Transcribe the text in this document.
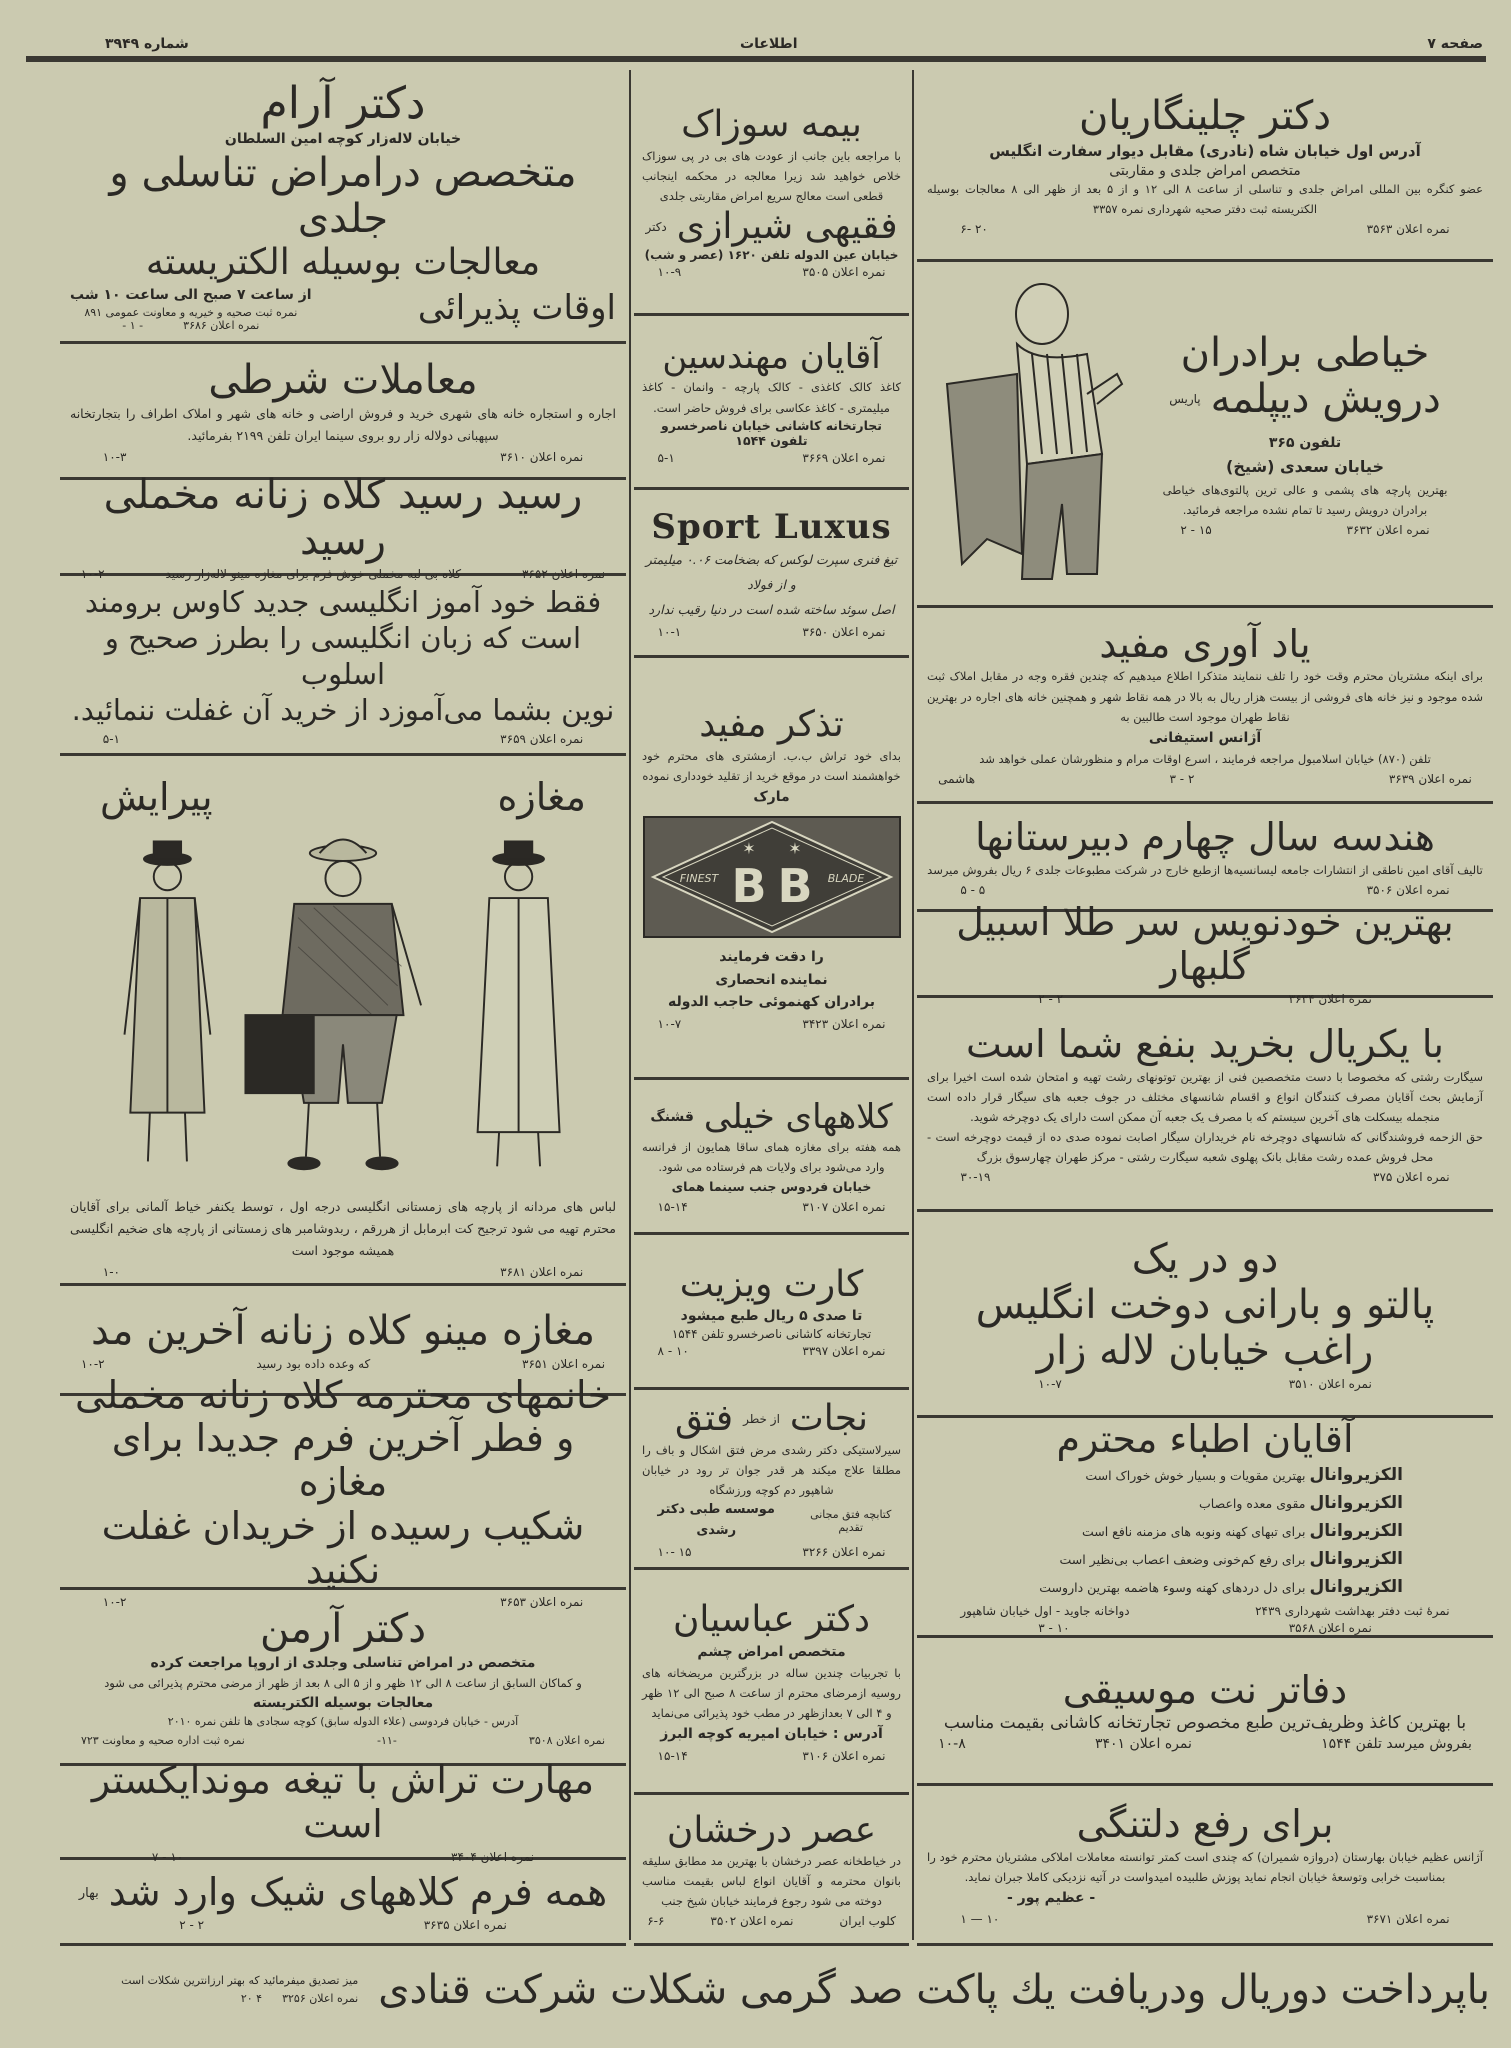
صفحه ۷
اطلاعات
شماره ۳۹۴۹
دکتر آرام
خیابان لاله‌زار کوچه امین السلطان
متخصص درامراض تناسلی و جلدی
معالجات بوسیله الکتریسته
اوقات پذیرائی
از ساعت ۷ صبح الی ساعت ۱۰ شب
نمره ثبت صحیه و خیریه و معاونت عمومی ۸۹۱
نمره اعلان ۳۶۸۶
- ۱ -
معاملات شرطی
اجاره و استجاره خانه های شهری خرید و فروش اراضی و خانه های شهر و املاک اطراف را بتجارتخانه سپهبانی دولاله زار رو بروی سینما ایران تلفن ۲۱۹۹ بفرمائید.
نمره اعلان ۳۶۱۰
۱۰-۳
رسید رسید کلاه زنانه مخملی رسید
نمره اعلان ۳۶۵۲
کلاه بی لبه مخملی خوش فرم برای مغازه مینو لاله‌زار رسید
۱۰-۲
فقط خود آموز انگلیسی جدید کاوس برومند
است که زبان انگلیسی را بطرز صحیح و اسلوب
نوین بشما می‌آموزد از خرید آن غفلت ننمائید.
نمره اعلان ۳۶۵۹
۵-۱
مغازه
پیرایش
لباس های مردانه از پارچه های زمستانی انگلیسی درجه اول ، توسط یکنفر خیاط آلمانی برای آقایان محترم تهیه می شود ترجیح کت ابرمابل از هررقم ، ربدوشامبر های زمستانی از پارچه های ضخیم انگلیسی همیشه موجود است
نمره اعلان ۳۶۸۱
۱-۰
مغازه مینو کلاه زنانه آخرین مد
نمره اعلان ۳۶۵۱
که وعده داده بود رسید
۱۰-۲
خانمهای محترمه کلاه زنانه مخملی
و فطر آخرین فرم جدیدا برای مغازه
شکیب رسیده از خریدان غفلت نکنید
نمره اعلان ۳۶۵۳
۱۰-۲
دکتر آرمن
متخصص در امراض تناسلی وجلدی از اروپا مراجعت کرده
و کماکان السابق از ساعت ۸ الی ۱۲ ظهر و از ۵ الی ۸ بعد از ظهر از مرضی محترم پذیرائی می شود
معالجات بوسیله الکتریسته
آدرس - خیابان فردوسی (علاء الدوله سابق) کوچه سجادی ها تلفن نمره ۲۰۱۰
نمره اعلان ۳۵۰۸
-۱۱-
نمره ثبت اداره صحیه و معاونت ۷۲۳
مهارت تراش با تیغه موندایکستر است
نمره اعلان ۳۴۰۴
۱۰ - ۷
همه فرم کلاههای شیک وارد شد
بهار
نمره اعلان ۳۶۳۵
۲ - ۲
بیمه سوزاک
با مراجعه باین جانب از عودت های بی در پی سوزاک خلاص خواهید شد زیرا معالجه در محکمه اینجانب قطعی است معالج سریع امراض مقاربتی جلدی
فقیهی شیرازی
دکتر
خیابان عین الدوله تلفن ۱۶۲۰ (عصر و شب)
نمره اعلان ۳۵۰۵
۱۰-۹
آقایان مهندسین
کاغذ کالک کاغذی - کالک پارچه - وانمان - کاغذ میلیمتری - کاغذ عکاسی برای فروش حاضر است.
تجارتخانه کاشانی خیابان ناصرخسرو تلفون ۱۵۴۴
نمره اعلان ۳۶۶۹
۵-۱
Sport Luxus
تیغ فنری سپرت لوکس که بضخامت ۰.۰۶ میلیمتر و از فولاد
اصل سوئد ساخته شده است در دنیا رقیب ندارد
نمره اعلان ۳۶۵۰
۱۰-۱
تذکر مفید
بدای خود تراش ب.ب. ازمشتری های محترم خود خواهشمند است در موقع خرید از تقلید خودداری نموده
مارک
✶ ✶
B B
FINEST	BLADE
را دقت فرمایند
نماینده انحصاری
برادران کهنموئی حاجب الدوله
نمره اعلان ۳۴۲۳
۱۰-۷
کلاههای خیلی
قشنگ
همه هفته برای مغازه همای ساقا همایون از فرانسه وارد می‌شود برای ولایات هم فرستاده می شود.
خیابان فردوس جنب سینما همای
نمره اعلان ۳۱۰۷
۱۵-۱۴
کارت ویزیت
تا صدی ۵ ریال طبع میشود
تجارتخانه کاشانی ناصرخسرو تلفن ۱۵۴۴
نمره اعلان ۳۳۹۷
۱۰ - ۸
نجات
از خطر
فتق
سیرلاستیکی دکتر رشدی مرض فتق اشکال و باف را مطلقا علاج میکند هر قدر جوان تر رود در خیابان شاهپور دم کوچه ورزشگاه
کتابچه فتق مجانی تقدیم
موسسه طبی دکتر رشدی
نمره اعلان ۳۲۶۶
۱۵ -۱۰
دکتر عباسیان
متخصص امراض چشم
با تجربیات چندین ساله در بزرگترین مریضخانه های روسیه ازمرضای محترم از ساعت ۸ صبح الی ۱۲ ظهر و ۴ الی ۷ بعدازظهر در مطب خود پذیرائی می‌نماید
آدرس : خیابان امیریه کوچه البرز
نمره اعلان ۳۱۰۶
۱۵-۱۴
عصر درخشان
در خیاطخانه عصر درخشان با بهترین مد مطابق سلیقه بانوان محترمه و آقایان انواع لباس بقیمت مناسب دوخته می شود رجوع فرمایند خیابان شیخ جنب
کلوب ایران
نمره اعلان ۳۵۰۲
۶-۶
دکتر چلینگاریان
آدرس اول خیابان شاه (نادری) مقابل دیوار سفارت انگلیس
متخصص امراض جلدی و مقاربتی
عضو کنگره بین المللی امراض جلدی و تناسلی از ساعت ۸ الی ۱۲ و از ۵ بعد از ظهر الی ۸ معالجات بوسیله الکتریسته ثبت دفتر صحیه شهرداری نمره ۳۳۵۷
نمره اعلان ۳۵۶۳
۲۰ -۶
خیاطی برادران
درویش دیپلمه
پاریس
تلفون ۳۶۵
خیابان سعدی (شیخ)
بهترین پارچه های پشمی و عالی ترین پالتوی‌های خیاطی برادران درویش رسید تا تمام نشده مراجعه فرمائید.
نمره اعلان ۳۶۳۲
۱۵ - ۲
یاد آوری مفید
برای اینکه مشتریان محترم وقت خود را تلف ننمایند متذکرا اطلاع میدهیم که چندین فقره وجه در مقابل املاک ثبت شده موجود و نیز خانه های فروشی از بیست هزار ریال به بالا در همه نقاط شهر و همچنین خانه های اجاره در بهترین نقاط طهران موجود است طالبین به
آژانس استیفانی
تلفن (۸۷۰) خیابان اسلامبول مراجعه فرمایند ، اسرع اوقات مرام و منظورشان عملی خواهد شد
نمره اعلان ۳۶۳۹
۲ - ۳
هاشمی
هندسه سال چهارم دبیرستانها
تالیف آقای امین ناطقی از انتشارات جامعه لیسانسیه‌ها ازطبع خارج در شرکت مطبوعات جلدی ۶ ریال بفروش میرسد
نمره اعلان ۳۵۰۶
۵ - ۵
بهترین خودنویس سر طلا اسبیل گلبهار
نمره اعلان ۳۶۳۴
۲ - ۲
با یکریال بخرید بنفع شما است
سیگارت رشتی که مخصوصا با دست متخصصین فنی از بهترین توتونهای رشت تهیه و امتحان شده است اخیرا برای آزمایش بحث آقایان مصرف کنندگان انواع و اقسام شانسهای مختلف در جوف جعبه های سیگار قرار داده است منجمله بیسکلت های آخرین سیستم که با مصرف یک جعبه آن ممکن است دارای یک دوچرخه شوید.
حق الزحمه فروشندگانی که شانسهای دوچرخه نام خریداران سیگار اصابت نموده صدی ده از قیمت دوچرخه است - محل فروش عمده رشت مقابل بانک پهلوی شعبه سیگارت رشتی - مرکز طهران چهارسوق بزرگ
نمره اعلان ۳۷۵
۳۰-۱۹
دو در یک
پالتو و بارانی دوخت انگلیس
راغب خیابان لاله زار
نمره اعلان ۳۵۱۰
۱۰-۷
آقایان اطباء محترم
الکزیروانال بهترین مقویات و بسیار خوش خوراک است
الکزیروانال مقوی معده واعصاب
الکزیروانال برای تبهای کهنه ونوبه های مزمنه نافع است
الکزیروانال برای رفع کم‌خونی وضعف اعصاب بی‌نظیر است
الکزیروانال برای دل دردهای کهنه وسوء هاضمه بهترین داروست
نمرهٔ ثبت دفتر بهداشت شهرداری ۲۴۳۹
دواخانه جاوید - اول خیابان شاهپور
نمره اعلان ۳۵۶۸
۱۰ - ۳
دفاتر نت موسیقی
با بهترین کاغذ وظریف‌ترین طبع مخصوص تجارتخانه کاشانی بقیمت مناسب
بفروش میرسد تلفن ۱۵۴۴
نمره اعلان ۳۴۰۱
۱۰-۸
برای رفع دلتنگی
آژانس عظیم خیابان بهارستان (دروازه شمیران) که چندی است کمتر توانسته معاملات املاکی مشتریان محترم خود را بمناسبت خرابی وتوسعهٔ خیابان انجام نماید پوزش طلبیده امیدواست در آتیه نزدیکی کاملا جبران نماید.
- عظیم پور -
نمره اعلان ۳۶۷۱
۱۰ — ۱
باپرداخت دوریال ودریافت یك پاکت صد گرمی شکلات شرکت قنادی
میز تصدیق میفرمائید که بهتر ارزانترین شکلات است
نمره اعلان ۳۲۵۶
۴ ۲۰
